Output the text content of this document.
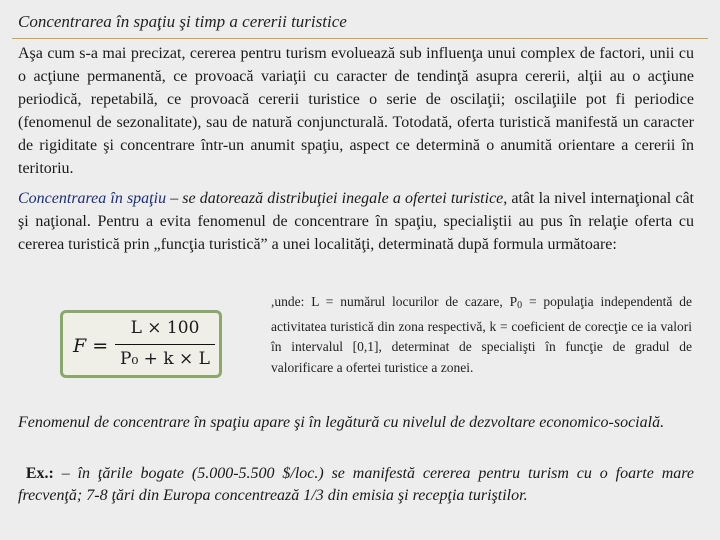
Concentrarea în spaţiu şi timp a cererii turistice

Aşa cum s-a mai precizat, cererea pentru turism evoluează sub influenţa unui complex de factori, unii cu o acţiune permanentă, ce provoacă variaţii cu caracter de tendinţă asupra cererii, alţii au o acţiune periodică, repetabilă, ce provoacă cererii turistice o serie de oscilaţii; oscilaţiile pot fi periodice (fenomenul de sezonalitate), sau de natură conjuncturală. Totodată, oferta turistică manifestă un caracter de rigiditate şi concentrare într-un anumit spaţiu, aspect ce determină o anumită orientare a cererii în teritoriu.

Concentrarea în spaţiu – se datorează distribuţiei inegale a ofertei turistice, atât la nivel internaţional cât şi naţional. Pentru a evita fenomenul de concentrare în spaţiu, specialiştii au pus în relaţie oferta cu cererea turistică prin „funcţia turistică” a unei localităţi, determinată după formula următoare:

F =
L × 100
P₀ + k × L

,unde: L = numărul locurilor de cazare, $P_0$ = populaţia independentă de activitatea turistică din zona respectivă, k = coeficient de corecţie ce ia valori în intervalul [0,1], determinat de specialişti în funcţie de gradul de valorificare a ofertei turistice a zonei.

Fenomenul de concentrare în spaţiu apare şi în legătură cu nivelul de dezvoltare economico-socială.

Ex.: – în ţările bogate (5.000-5.500 $/loc.) se manifestă cererea pentru turism cu o foarte mare frecvenţă; 7-8 ţări din Europa concentrează 1/3 din emisia şi recepţia turiştilor.
